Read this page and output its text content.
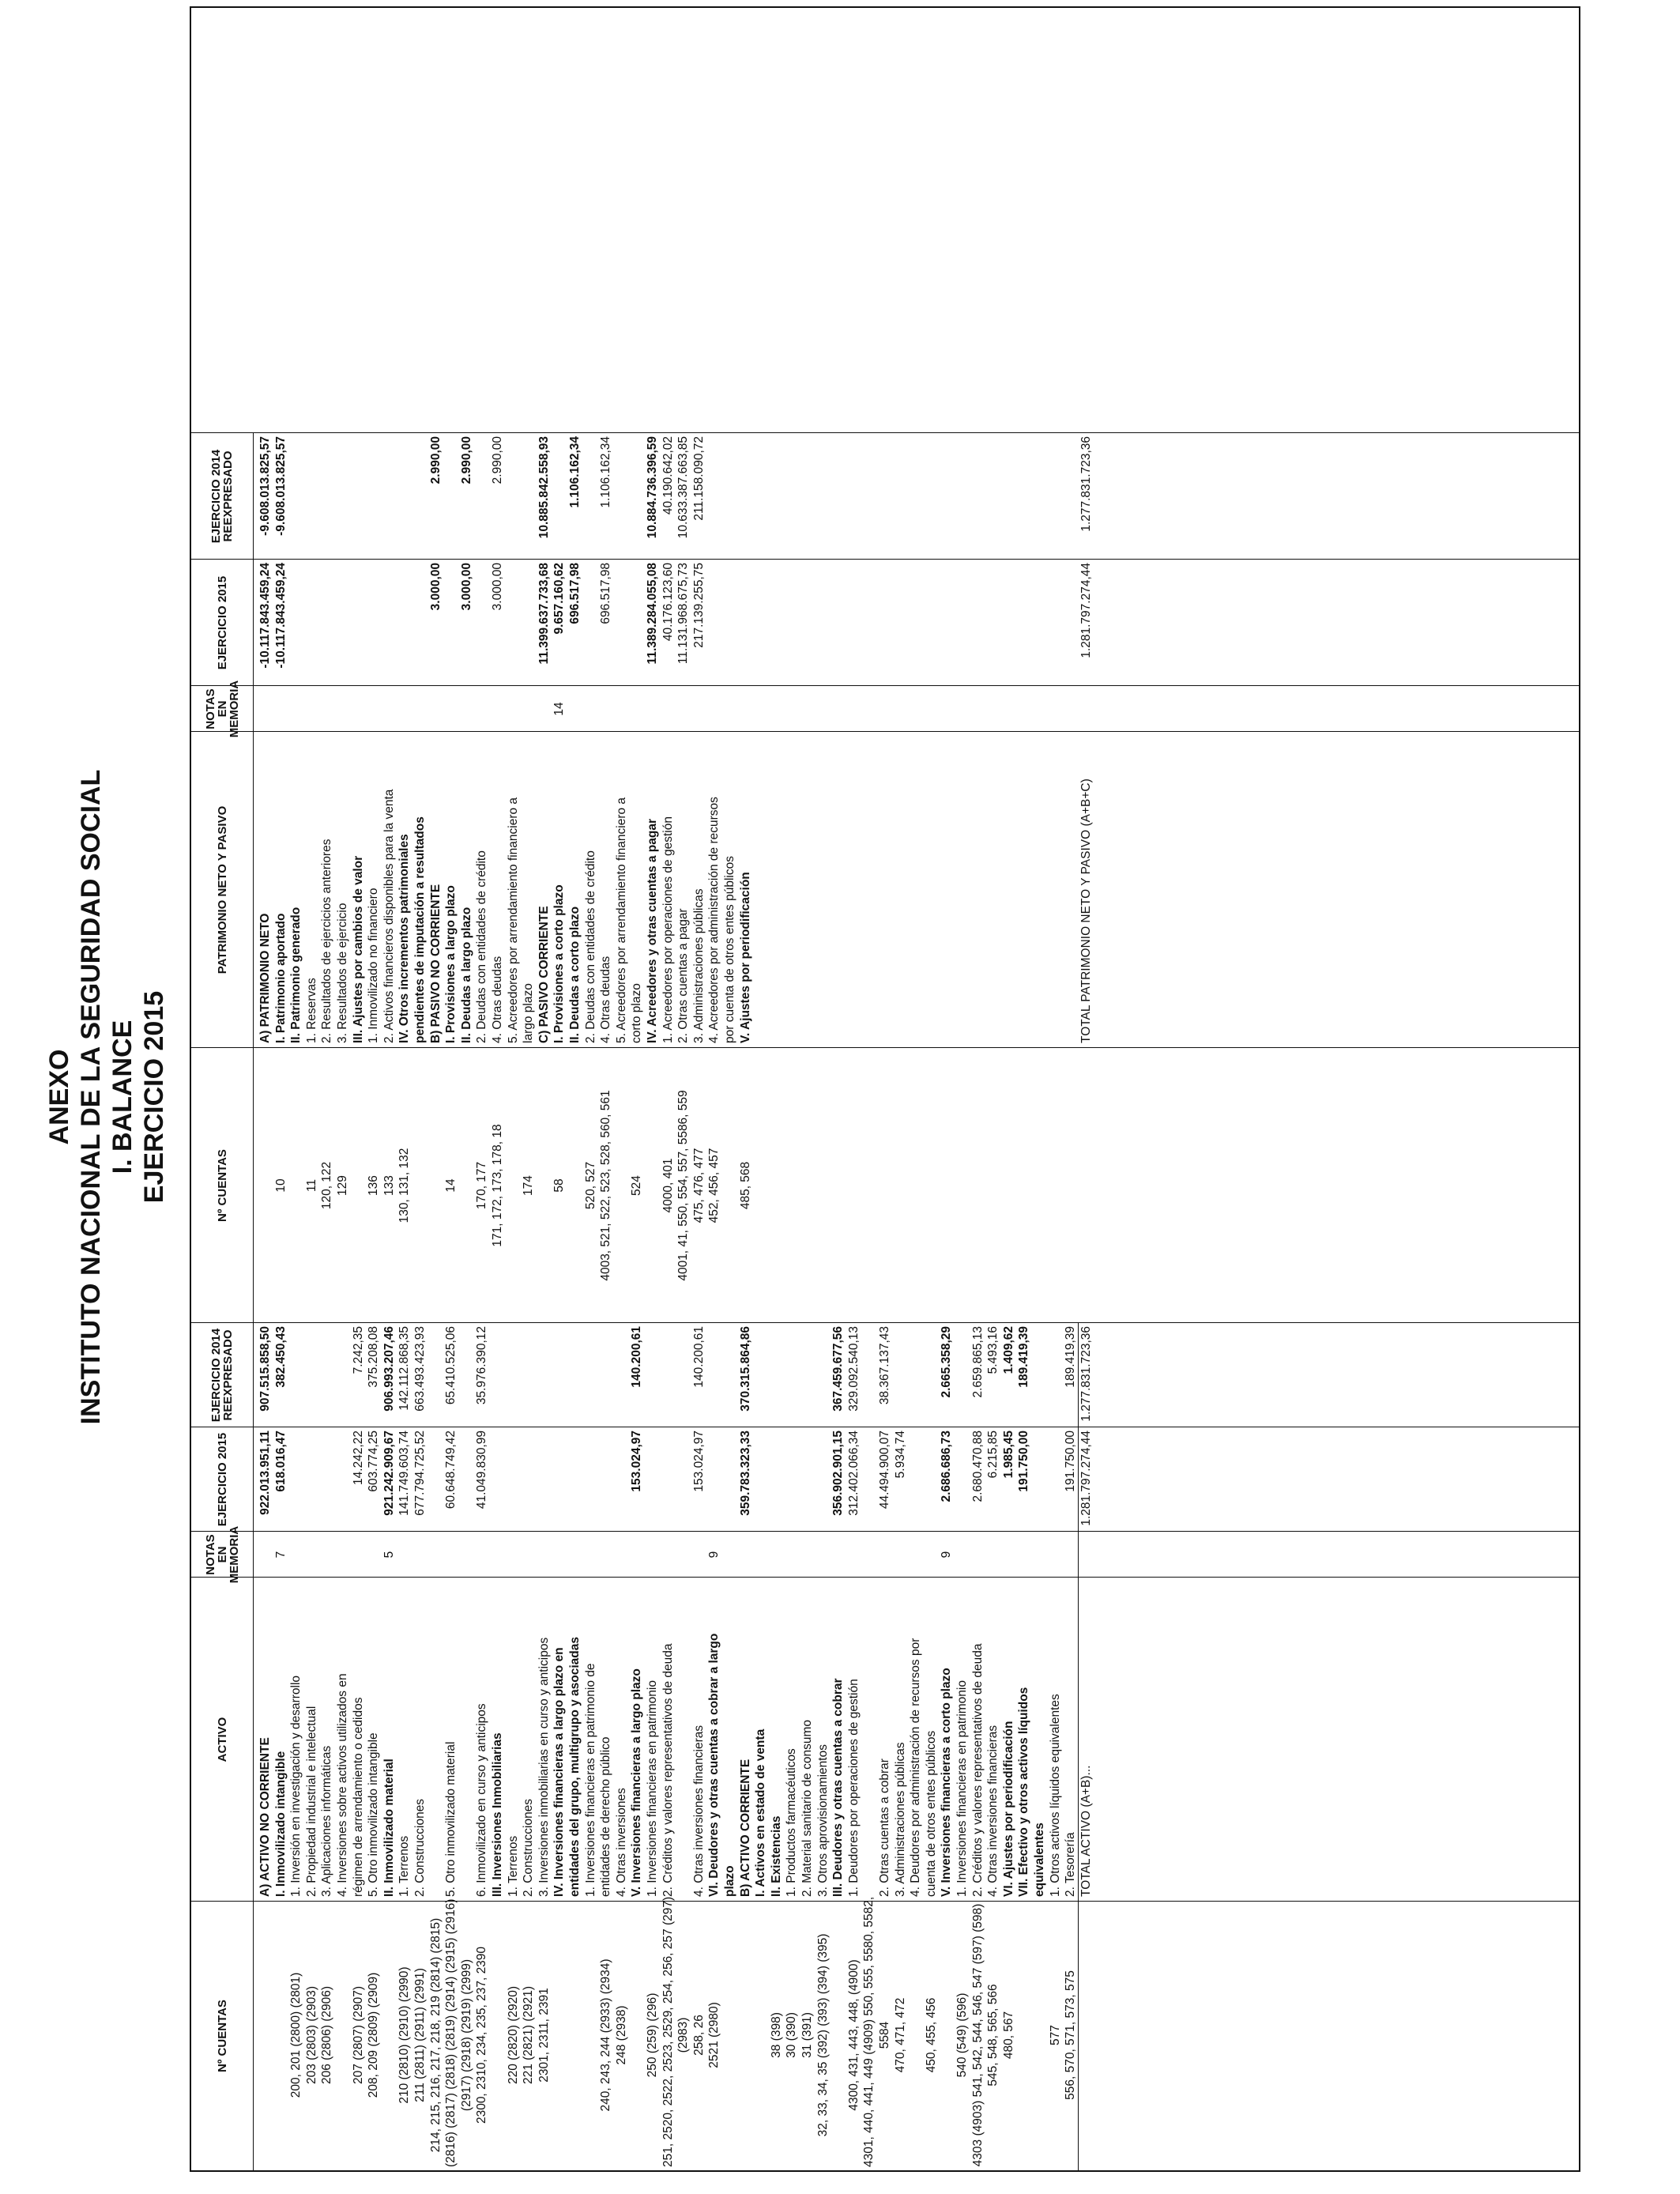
ANEXO INSTITUTO NACIONAL DE LA SEGURIDAD SOCIAL I. BALANCE EJERCICIO 2015
Nº CUENTAS
ACTIVO
NOTAS EN MEMORIA
EJERCICIO 2015
EJERCICIO 2014 REEXPRESADO
Nº CUENTAS
PATRIMONIO NETO Y PASIVO
NOTAS EN MEMORIA
EJERCICIO 2015
EJERCICIO 2014 REEXPRESADO
A) ACTIVO NO CORRIENTE
922.013.951,11
907.515.858,50
I. Inmovilizado intangible
7
618.016,47
382.450,43
200, 201 (2800) (2801)
1. Inversión en investigación y desarrollo
203 (2803) (2903)
2. Propiedad industrial e intelectual
206 (2806) (2906)
3. Aplicaciones informáticas 4. Inversiones sobre activos utilizados en
207 (2807) (2907)
régimen de arrendamiento o cedidos
14.242,22
7.242,35
208, 209 (2809) (2909)
5. Otro inmovilizado intangible
603.774,25
375.208,08
II. Inmovilizado material
5
921.242.909,67
906.993.207,46
210 (2810) (2910) (2990)
1. Terrenos
141.749.603,74
142.112.868,35
211 (2811) (2911) (2991)
2. Construcciones
677.794.725,52
663.493.423,93
214, 215, 216, 217, 218, 219 (2814) (2815) (2816) (2817) (2818) (2819) (2914) (2915) (2916)
5. Otro inmovilizado material
60.648.749,42
65.410.525,06
(2917) (2918) (2919) (2999) 2300, 2310, 234, 235, 237, 2390
6. Inmovilizado en curso y anticipos
41.049.830,99
35.976.390,12
III. Inversiones Inmobiliarias
220 (2820) (2920)
1. Terrenos
221 (2821) (2921)
2. Construcciones
2301, 2311, 2391
3. Inversiones inmobiliarias en curso y anticipos IV. Inversiones financieras a largo plazo en entidades del grupo, multigrupo y asociadas 1. Inversiones financieras en patrimonio de
240, 243, 244 (2933) (2934)
entidades de derecho público
248 (2938)
4. Otras inversiones V. Inversiones financieras a largo plazo
153.024,97
140.200,61
250 (259) (296)
1. Inversiones financieras en patrimonio
251, 2520, 2522, 2523, 2529, 254, 256, 257 (297)
2. Créditos y valores representativos de deuda
(2983) 258, 26
4. Otras inversiones financieras
153.024,97
140.200,61
2521 (2980)
VI. Deudores y otras cuentas a cobrar a largo
9
plazo B) ACTIVO CORRIENTE
359.783.323,33
370.315.864,86
I. Activos en estado de venta
38 (398)
II. Existencias
30 (390)
1. Productos farmacéuticos
31 (391)
2. Material sanitario de consumo
32, 33, 34, 35 (392) (393) (394) (395)
3. Otros aprovisionamientos III. Deudores y otras cuentas a cobrar
356.902.901,15
367.459.677,56
4300, 431, 443, 448, (4900)
1. Deudores por operaciones de gestión
312.402.066,34
329.092.540,13
4301, 440, 441, 449 (4909) 550, 555, 5580, 5582, 5584
2. Otras cuentas a cobrar
44.494.900,07
38.367.137,43
470, 471, 472
3. Administraciones públicas
5.934,74
4. Deudores por administración de recursos por
450, 455, 456
cuenta de otros entes públicos V. Inversiones financieras a corto plazo
9
2.686.686,73
2.665.358,29
540 (549) (596)
1. Inversiones financieras en patrimonio
4303 (4903) 541, 542, 544, 546, 547 (597) (598)
2. Créditos y valores representativos de deuda
2.680.470,88
2.659.865,13
545, 548, 565, 566
4. Otras inversiones financieras
6.215,85
5.493,16
480, 567
VI. Ajustes por periodificación
1.985,45
1.409,62
VII. Efectivo y otros activos líquidos
191.750,00
189.419,39
equivalentes
577
1. Otros activos líquidos equivalentes
556, 570, 571, 573, 575
2. Tesorería
191.750,00
189.419,39
TOTAL ACTIVO (A+B)...
1.281.797.274,44
1.277.831.723,36
A) PATRIMONIO NETO
-10.117.843.459,24
-9.608.013.825,57
10
I. Patrimonio aportado
-10.117.843.459,24
-9.608.013.825,57
II. Patrimonio generado
11
1. Reservas
120, 122
2. Resultados de ejercicios anteriores
129
3. Resultados de ejercicio III. Ajustes por cambios de valor
136
1. Inmovilizado no financiero
133
2. Activos financieros disponibles para la venta
130, 131, 132
IV. Otros incrementos patrimoniales pendientes de imputación a resultados B) PASIVO NO CORRIENTE
3.000,00
2.990,00
14
I. Provisiones a largo plazo II. Deudas a largo plazo
3.000,00
2.990,00
170, 177
2. Deudas con entidades de crédito
171, 172, 173, 178, 18
4. Otras deudas
3.000,00
2.990,00
5. Acreedores por arrendamiento financiero a
174
largo plazo C) PASIVO CORRIENTE
11.399.637.733,68
10.885.842.558,93
58
I. Provisiones a corto plazo
14
9.657.160,62
II. Deudas a corto plazo
696.517,98
1.106.162,34
520, 527
2. Deudas con entidades de crédito
4003, 521, 522, 523, 528, 560, 561
4. Otras deudas
696.517,98
1.106.162,34
5. Acreedores por arrendamiento financiero a
524
corto plazo IV. Acreedores y otras cuentas a pagar
11.389.284.055,08
10.884.736.396,59
4000, 401
1. Acreedores por operaciones de gestión
40.176.123,60
40.190.642,02
4001, 41, 550, 554, 557, 5586, 559
2. Otras cuentas a pagar
11.131.968.675,73
10.633.387.663,85
475, 476, 477
3. Administraciones públicas
217.139.255,75
211.158.090,72
452, 456, 457
4. Acreedores por administración de recursos por cuenta de otros entes públicos
485, 568
V. Ajustes por periodificación	TOTAL PATRIMONIO NETO Y PASIVO (A+B+C)
1.281.797.274,44
1.277.831.723,36
